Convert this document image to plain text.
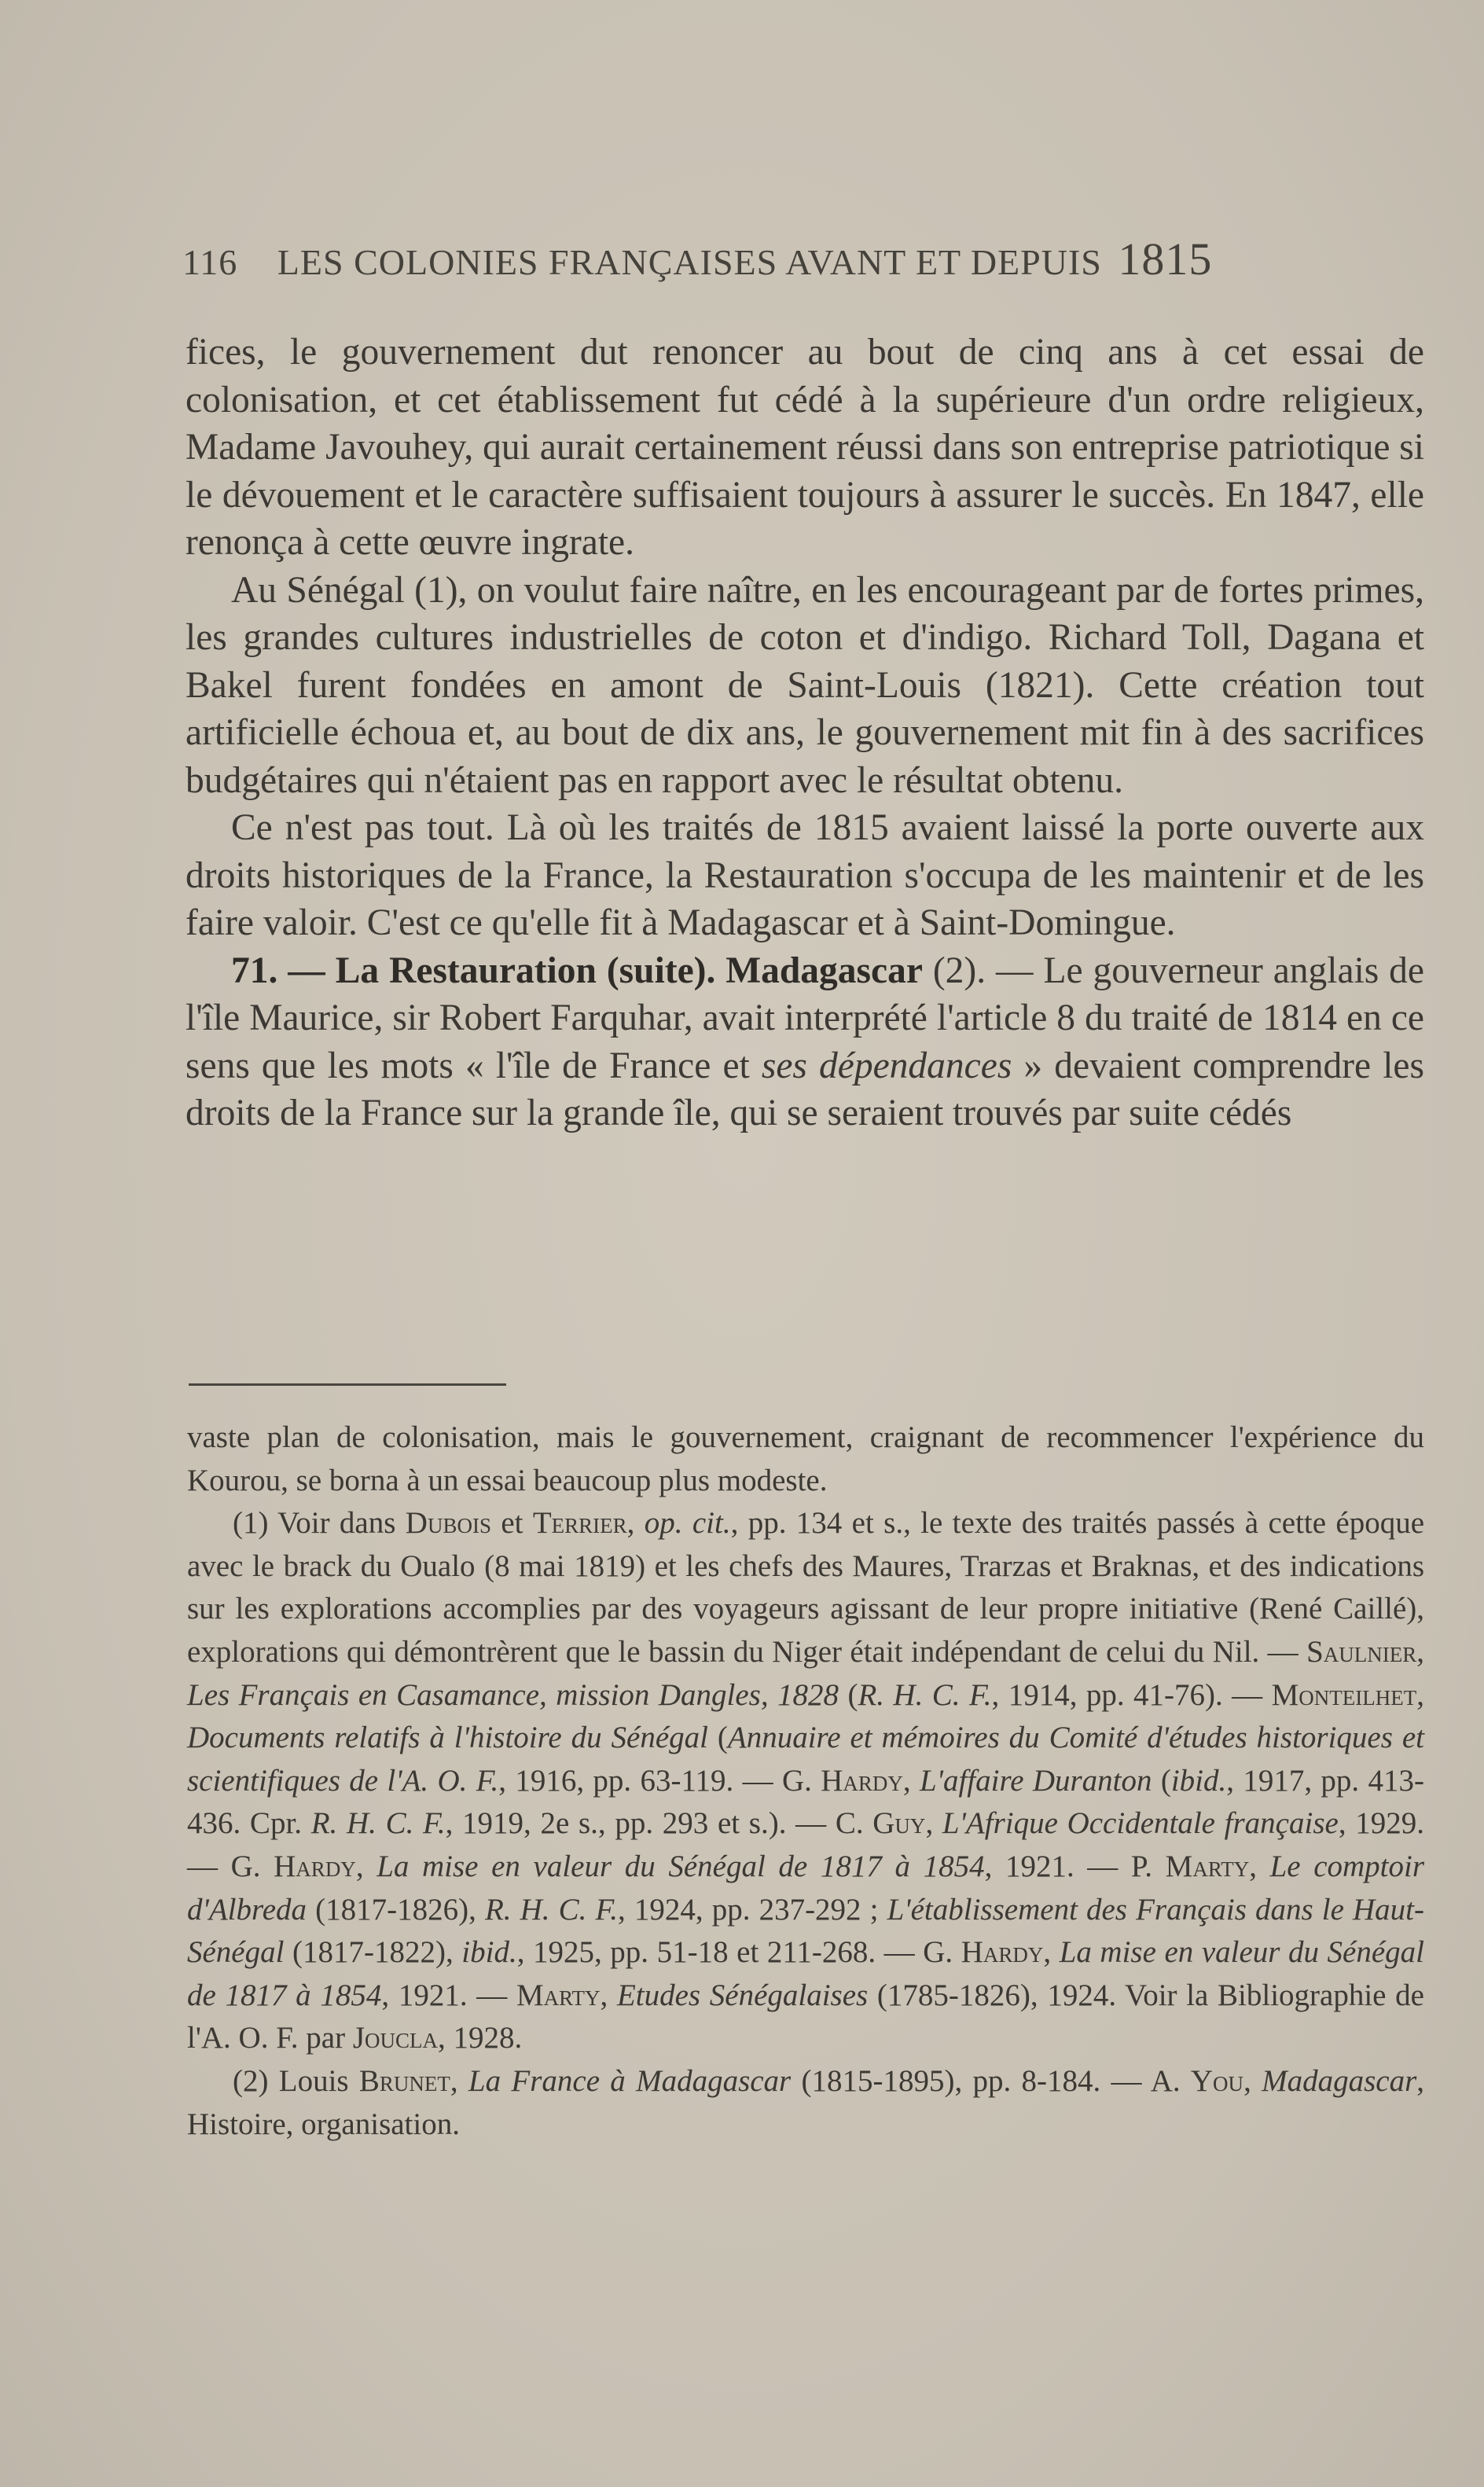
116 LES COLONIES FRANÇAISES AVANT ET DEPUIS 1815

fices, le gouvernement dut renoncer au bout de cinq ans à cet essai de colonisation, et cet établissement fut cédé à la supérieure d'un ordre religieux, Madame Javouhey, qui aurait certainement réussi dans son entreprise patriotique si le dévouement et le caractère suffisaient toujours à assurer le succès. En 1847, elle renonça à cette œuvre ingrate.

Au Sénégal (1), on voulut faire naître, en les encourageant par de fortes primes, les grandes cultures industrielles de coton et d'indigo. Richard Toll, Dagana et Bakel furent fondées en amont de Saint-Louis (1821). Cette création tout artificielle échoua et, au bout de dix ans, le gouvernement mit fin à des sacrifices budgétaires qui n'étaient pas en rapport avec le résultat obtenu.

Ce n'est pas tout. Là où les traités de 1815 avaient laissé la porte ouverte aux droits historiques de la France, la Restauration s'occupa de les maintenir et de les faire valoir. C'est ce qu'elle fit à Madagascar et à Saint-Domingue.

71. — La Restauration (suite). Madagascar (2). — Le gouverneur anglais de l'île Maurice, sir Robert Farquhar, avait interprété l'article 8 du traité de 1814 en ce sens que les mots « l'île de France et ses dépendances » devaient comprendre les droits de la France sur la grande île, qui se seraient trouvés par suite cédés

vaste plan de colonisation, mais le gouvernement, craignant de recommencer l'expérience du Kourou, se borna à un essai beaucoup plus modeste.

(1) Voir dans Dubois et Terrier, op. cit., pp. 134 et s., le texte des traités passés à cette époque avec le brack du Oualo (8 mai 1819) et les chefs des Maures, Trarzas et Braknas, et des indications sur les explorations accomplies par des voyageurs agissant de leur propre initiative (René Caillé), explorations qui démontrèrent que le bassin du Niger était indépendant de celui du Nil. — Saulnier, Les Français en Casamance, mission Dangles, 1828 (R. H. C. F., 1914, pp. 41-76). — Monteilhet, Documents relatifs à l'histoire du Sénégal (Annuaire et mémoires du Comité d'études historiques et scientifiques de l'A. O. F., 1916, pp. 63-119. — G. Hardy, L'affaire Duranton (ibid., 1917, pp. 413-436. Cpr. R. H. C. F., 1919, 2e s., pp. 293 et s.). — C. Guy, L'Afrique Occidentale française, 1929. — G. Hardy, La mise en valeur du Sénégal de 1817 à 1854, 1921. — P. Marty, Le comptoir d'Albreda (1817-1826), R. H. C. F., 1924, pp. 237-292 ; L'établissement des Français dans le Haut-Sénégal (1817-1822), ibid., 1925, pp. 51-18 et 211-268. — G. Hardy, La mise en valeur du Sénégal de 1817 à 1854, 1921. — Marty, Etudes Sénégalaises (1785-1826), 1924. Voir la Bibliographie de l'A. O. F. par Joucla, 1928.

(2) Louis Brunet, La France à Madagascar (1815-1895), pp. 8-184. — A. You, Madagascar, Histoire, organisation.
